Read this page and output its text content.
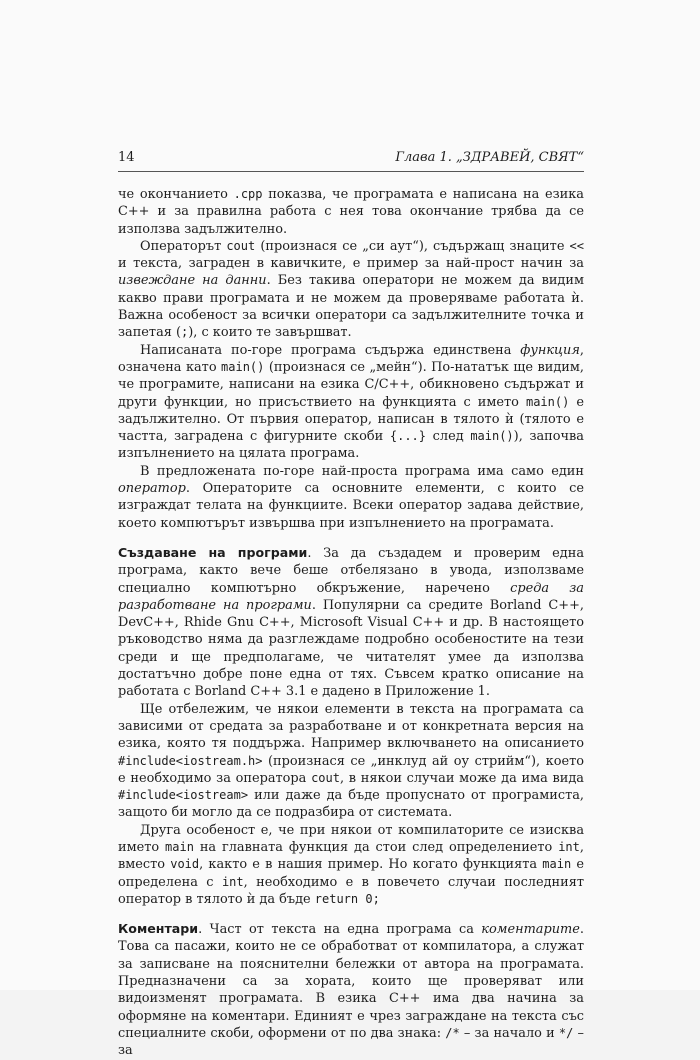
14	Глава 1. „ЗДРАВЕЙ, СВЯТ“

че окончанието .cpp показва, че програмата е написана на езика C++ и за правилна работа с нея това окончание трябва да се използва задължително.

Операторът cout (произнася се „си аут“), съдържащ знаците << и текста, заграден в кавичките, е пример за най-прост начин за извеждане на данни. Без такива оператори не можем да видим какво прави програмата и не можем да проверяваме работата ѝ. Важна особеност за всички оператори са задължителните точка и запетая (;), с които те завършват.

Написаната по-горе програма съдържа единствена функция, означена като main() (произнася се „мейн“). По-нататък ще видим, че програмите, написани на езика C/C++, обикновено съдържат и други функции, но присъствието на функцията с името main() е задължително. От първия оператор, написан в тялото ѝ (тялото е частта, заградена с фигурните скоби {...} след main()), започва изпълнението на цялата програма.

В предложената по-горе най-проста програма има само един оператор. Операторите са основните елементи, с които се изграждат телата на функциите. Всеки оператор задава действие, което компютърът извършва при изпълнението на програмата.

Създаване на програми. За да създадем и проверим една програма, както вече беше отбелязано в увода, използваме специално компютърно обкръжение, наречено среда за разработване на програми. Популярни са средите Borland C++, DevC++, Rhide Gnu C++, Microsoft Visual C++ и др. В настоящето ръководство няма да разглеждаме подробно особеностите на тези среди и ще предполагаме, че читателят умее да използва достатъчно добре поне една от тях. Съвсем кратко описание на работата с Borland C++ 3.1 е дадено в Приложение 1.

Ще отбележим, че някои елементи в текста на програмата са зависими от средата за разработване и от конкретната версия на езика, която тя поддържа. Например включването на описанието #include<iostream.h> (произнася се „инклуд ай оу стрийм“), което е необходимо за оператора cout, в някои случаи може да има вида #include<iostream> или даже да бъде пропуснато от програмиста, защото би могло да се подразбира от системата.

Друга особеност е, че при някои от компилаторите се изисква името main на главната функция да стои след определението int, вместо void, както е в нашия пример. Но когато функцията main е определена с int, необходимо е в повечето случаи последният оператор в тялото ѝ да бъде return 0;

Коментари. Част от текста на една програма са коментарите. Това са пасажи, които не се обработват от компилатора, а служат за записване на пояснителни бележки от автора на програмата. Предназначени са за хората, които ще проверяват или видоизменят програмата. В езика C++ има два начина за оформяне на коментари. Единият е чрез заграждане на текста със специалните скоби, оформени от по два знака: /* – за начало и */ – за
